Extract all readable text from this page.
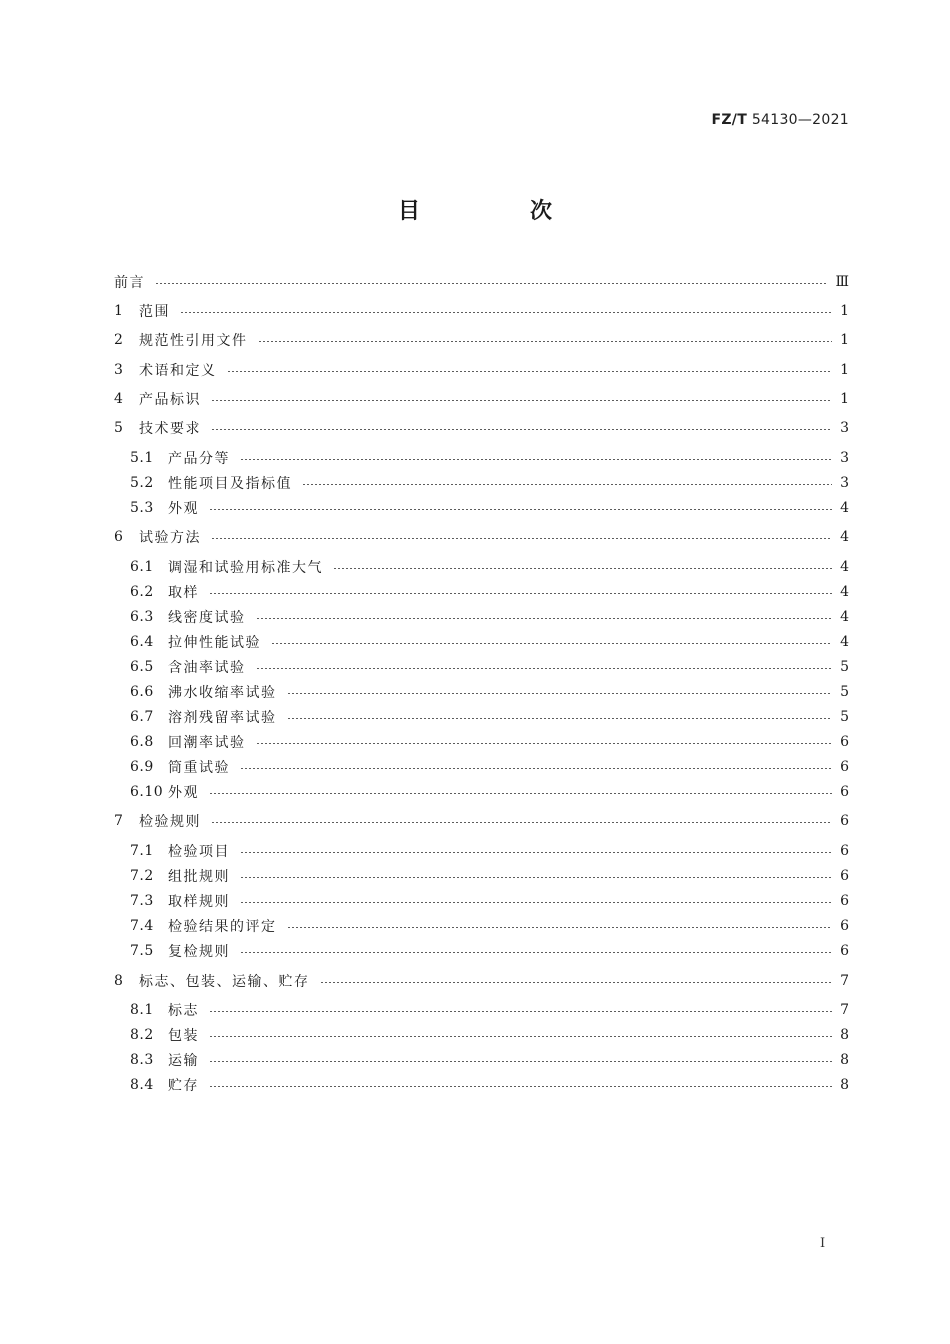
FZ/T 54130—2021
目　次
前言	Ⅲ
1	范围	1
2	规范性引用文件	1
3	术语和定义	1
4	产品标识	1
5	技术要求	3
5.1	产品分等	3
5.2	性能项目及指标值	3
5.3	外观	4
6	试验方法	4
6.1	调湿和试验用标准大气	4
6.2	取样	4
6.3	线密度试验	4
6.4	拉伸性能试验	4
6.5	含油率试验	5
6.6	沸水收缩率试验	5
6.7	溶剂残留率试验	5
6.8	回潮率试验	6
6.9	筒重试验	6
6.10 外观	6
7	检验规则	6
7.1	检验项目	6
7.2	组批规则	6
7.3	取样规则	6
7.4	检验结果的评定	6
7.5	复检规则	6
8	标志、包装、运输、贮存	7
8.1	标志	7
8.2	包装	8
8.3	运输	8
8.4	贮存	8
I
